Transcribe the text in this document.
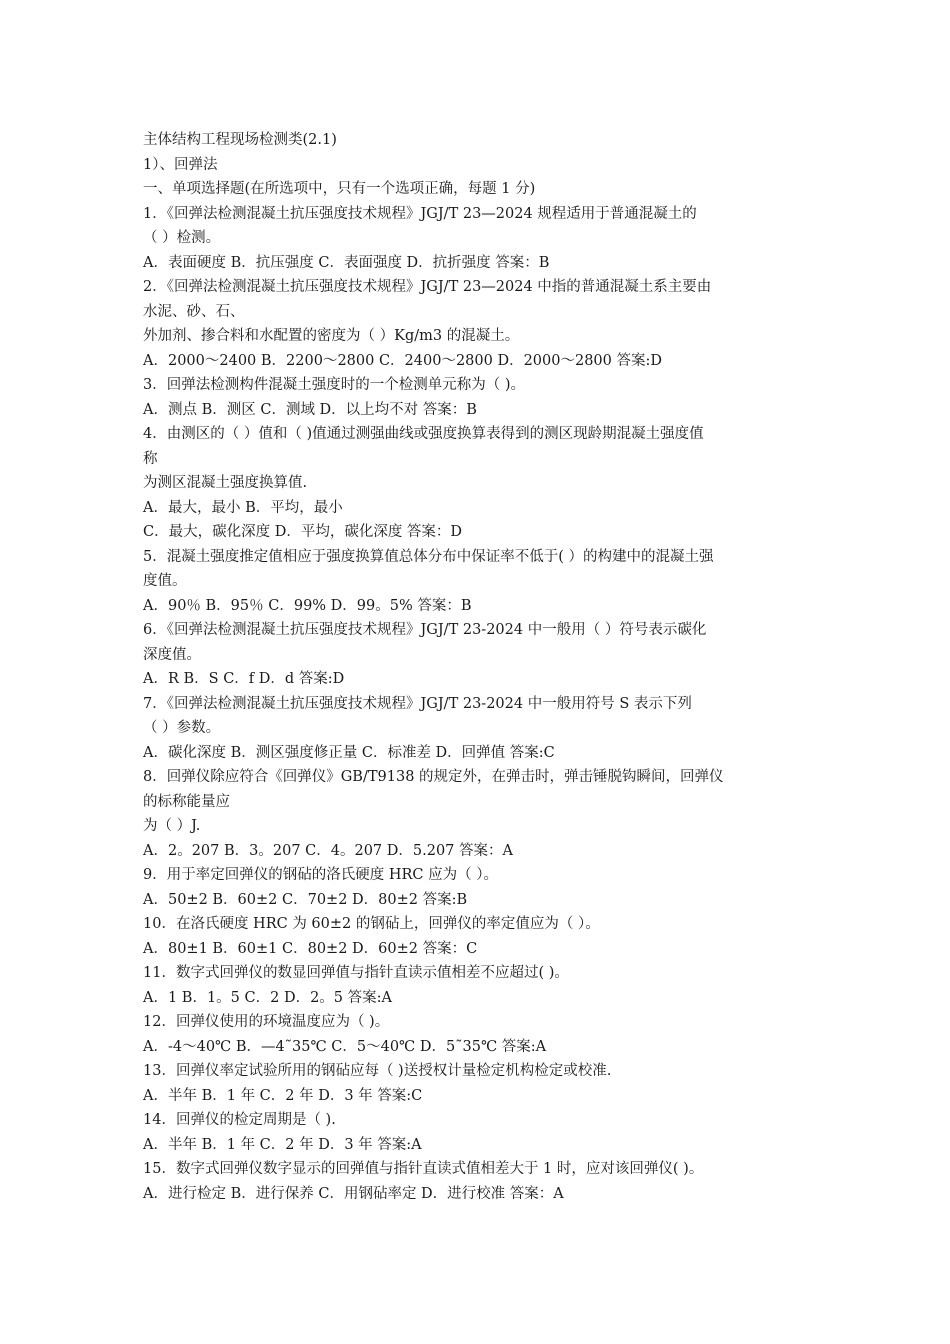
主体结构工程现场检测类(2.1)
1）、回弹法
一、单项选择题(在所选项中，只有一个选项正确，每题 1 分)
1．《回弹法检测混凝土抗压强度技术规程》JGJ/T 23—2024 规程适用于普通混凝土的
（ ）检测。
A．表面硬度 B．抗压强度 C．表面强度 D．抗折强度 答案：B
2．《回弹法检测混凝土抗压强度技术规程》JGJ/T 23—2024 中指的普通混凝土系主要由
水泥、砂、石、
外加剂、掺合料和水配置的密度为（ ）Kg/m3 的混凝土。
A．2000～2400 B．2200～2800 C．2400～2800 D．2000～2800 答案:D
3．回弹法检测构件混凝土强度时的一个检测单元称为（ )。
A．测点 B．测区 C．测域 D．以上均不对 答案：B
4．由测区的（ ）值和（ )值通过测强曲线或强度换算表得到的测区现龄期混凝土强度值
称
为测区混凝土强度换算值.
A．最大，最小 B．平均，最小
C．最大，碳化深度 D．平均，碳化深度 答案：D
5．混凝土强度推定值相应于强度换算值总体分布中保证率不低于( ）的构建中的混凝土强
度值。
A．90％ B．95％ C．99% D．99。5% 答案：B
6．《回弹法检测混凝土抗压强度技术规程》JGJ/T 23-2024 中一般用（ ）符号表示碳化
深度值。
A．R B．S C．f D．d 答案:D
7．《回弹法检测混凝土抗压强度技术规程》JGJ/T 23-2024 中一般用符号 S 表示下列
（ ）参数。
A．碳化深度 B．测区强度修正量 C．标准差 D．回弹值 答案:C
8．回弹仪除应符合《回弹仪》GB/T9138 的规定外，在弹击时，弹击锤脱钩瞬间，回弹仪
的标称能量应
为（ ）J.
A．2。207 B．3。207 C．4。207 D．5.207 答案：A
9．用于率定回弹仪的钢砧的洛氏硬度 HRC 应为（ ）。
A．50±2 B．60±2 C．70±2 D．80±2 答案:B
10．在洛氏硬度 HRC 为 60±2 的钢砧上，回弹仪的率定值应为（ ）。
A．80±1 B．60±1 C．80±2 D．60±2 答案：C
11．数字式回弹仪的数显回弹值与指针直读示值相差不应超过( )。
A．1 B．1。5 C．2 D．2。5 答案:A
12．回弹仪使用的环境温度应为（ )。
A．-4～40℃ B．—4˜35℃ C．5～40℃ D．5˜35℃ 答案:A
13．回弹仪率定试验所用的钢砧应每（ )送授权计量检定机构检定或校准.
A．半年 B．1 年 C．2 年 D．3 年 答案:C
14．回弹仪的检定周期是（ ).
A．半年 B．1 年 C．2 年 D．3 年 答案:A
15．数字式回弹仪数字显示的回弹值与指针直读式值相差大于 1 时，应对该回弹仪( )。
A．进行检定 B．进行保养 C．用钢砧率定 D．进行校准 答案：A
